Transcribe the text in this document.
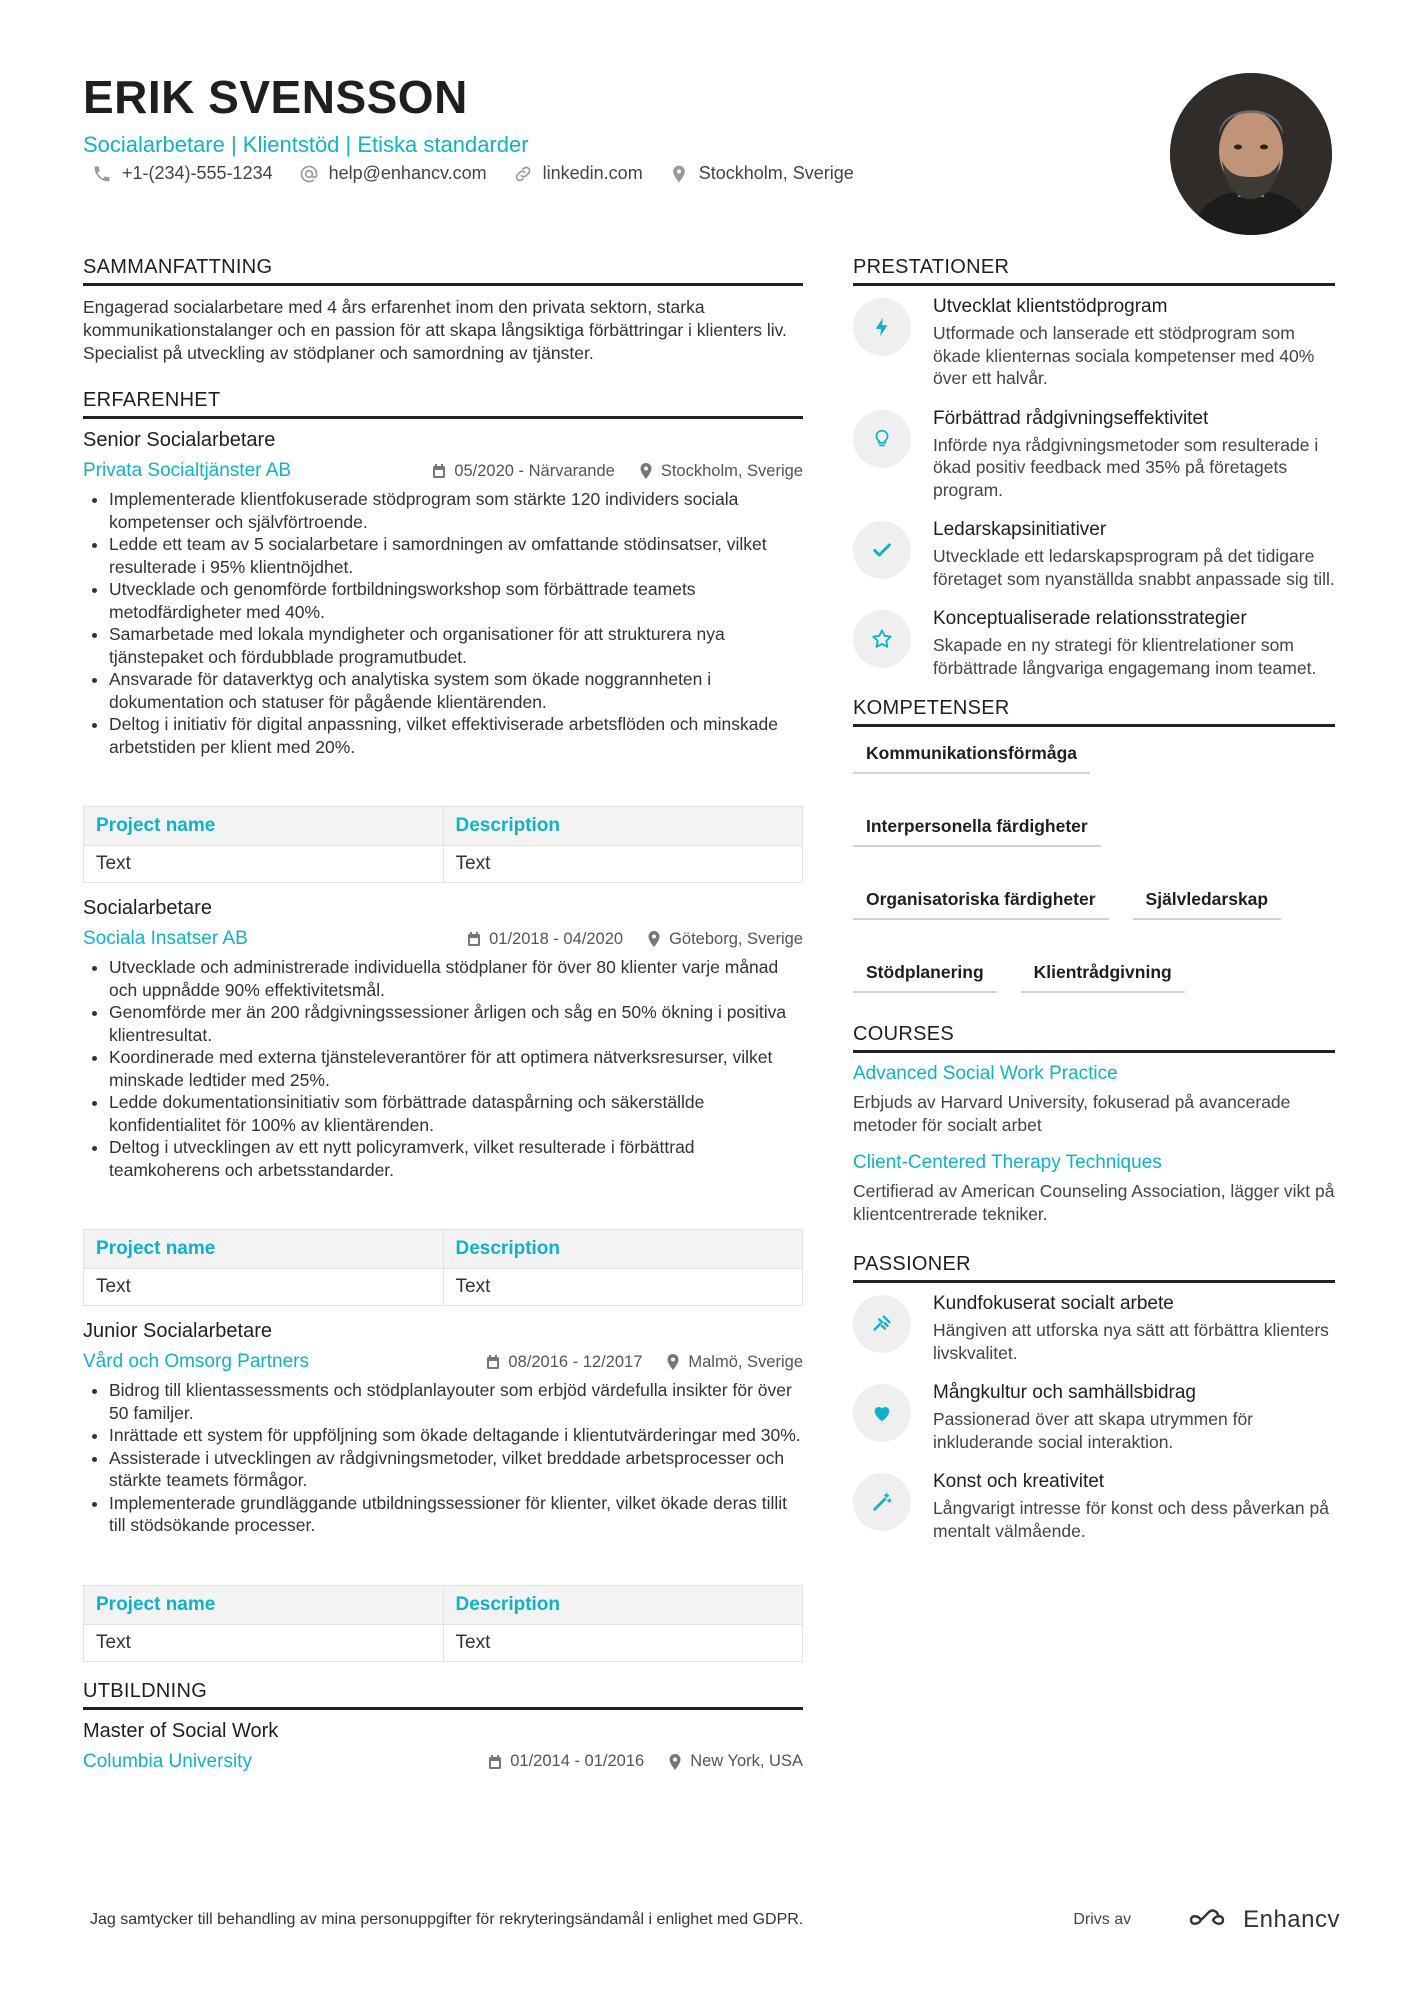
ERIK SVENSSON
Socialarbetare | Klientstöd | Etiska standarder
+1-(234)-555-1234	help@enhancv.com	linkedin.com	Stockholm, Sverige
SAMMANFATTNING
Engagerad socialarbetare med 4 års erfarenhet inom den privata sektorn, starka kommunikationstalanger och en passion för att skapa långsiktiga förbättringar i klienters liv. Specialist på utveckling av stödplaner och samordning av tjänster.
ERFARENHET
Senior Socialarbetare
Privata Socialtjänster AB	05/2020 - Närvarande	Stockholm, Sverige
• Implementerade klientfokuserade stödprogram som stärkte 120 individers sociala kompetenser och självförtroende.
• Ledde ett team av 5 socialarbetare i samordningen av omfattande stödinsatser, vilket resulterade i 95% klientnöjdhet.
• Utvecklade och genomförde fortbildningsworkshop som förbättrade teamets metodfärdigheter med 40%.
• Samarbetade med lokala myndigheter och organisationer för att strukturera nya tjänstepaket och fördubblade programutbudet.
• Ansvarade för dataverktyg och analytiska system som ökade noggrannheten i dokumentation och statuser för pågående klientärenden.
• Deltog i initiativ för digital anpassning, vilket effektiviserade arbetsflöden och minskade arbetstiden per klient med 20%.
Project name	Description
Text	Text
Socialarbetare
Sociala Insatser AB	01/2018 - 04/2020	Göteborg, Sverige
• Utvecklade och administrerade individuella stödplaner för över 80 klienter varje månad och uppnådde 90% effektivitetsmål.
• Genomförde mer än 200 rådgivningssessioner årligen och såg en 50% ökning i positiva klientresultat.
• Koordinerade med externa tjänsteleverantörer för att optimera nätverksresurser, vilket minskade ledtider med 25%.
• Ledde dokumentationsinitiativ som förbättrade dataspårning och säkerställde konfidentialitet för 100% av klientärenden.
• Deltog i utvecklingen av ett nytt policyramverk, vilket resulterade i förbättrad teamkoherens och arbetsstandarder.
Project name	Description
Text	Text
Junior Socialarbetare
Vård och Omsorg Partners	08/2016 - 12/2017	Malmö, Sverige
• Bidrog till klientassessments och stödplanlayouter som erbjöd värdefulla insikter för över 50 familjer.
• Inrättade ett system för uppföljning som ökade deltagande i klientutvärderingar med 30%.
• Assisterade i utvecklingen av rådgivningsmetoder, vilket breddade arbetsprocesser och stärkte teamets förmågor.
• Implementerade grundläggande utbildningssessioner för klienter, vilket ökade deras tillit till stödsökande processer.
Project name	Description
Text	Text
UTBILDNING
Master of Social Work
Columbia University	01/2014 - 01/2016	New York, USA
PRESTATIONER
Utvecklat klientstödprogram
Utformade och lanserade ett stödprogram som ökade klienternas sociala kompetenser med 40% över ett halvår.
Förbättrad rådgivningseffektivitet
Införde nya rådgivningsmetoder som resulterade i ökad positiv feedback med 35% på företagets program.
Ledarskapsinitiativer
Utvecklade ett ledarskapsprogram på det tidigare företaget som nyanställda snabbt anpassade sig till.
Konceptualiserade relationsstrategier
Skapade en ny strategi för klientrelationer som förbättrade långvariga engagemang inom teamet.
KOMPETENSER
Kommunikationsförmåga
Interpersonella färdigheter
Organisatoriska färdigheter	Självledarskap
Stödplanering	Klientrådgivning
COURSES
Advanced Social Work Practice
Erbjuds av Harvard University, fokuserad på avancerade metoder för socialt arbet
Client-Centered Therapy Techniques
Certifierad av American Counseling Association, lägger vikt på klientcentrerade tekniker.
PASSIONER
Kundfokuserat socialt arbete
Hängiven att utforska nya sätt att förbättra klienters livskvalitet.
Mångkultur och samhällsbidrag
Passionerad över att skapa utrymmen för inkluderande social interaktion.
Konst och kreativitet
Långvarigt intresse för konst och dess påverkan på mentalt välmående.
Jag samtycker till behandling av mina personuppgifter för rekryteringsändamål i enlighet med GDPR.	Drivs av	Enhancv
